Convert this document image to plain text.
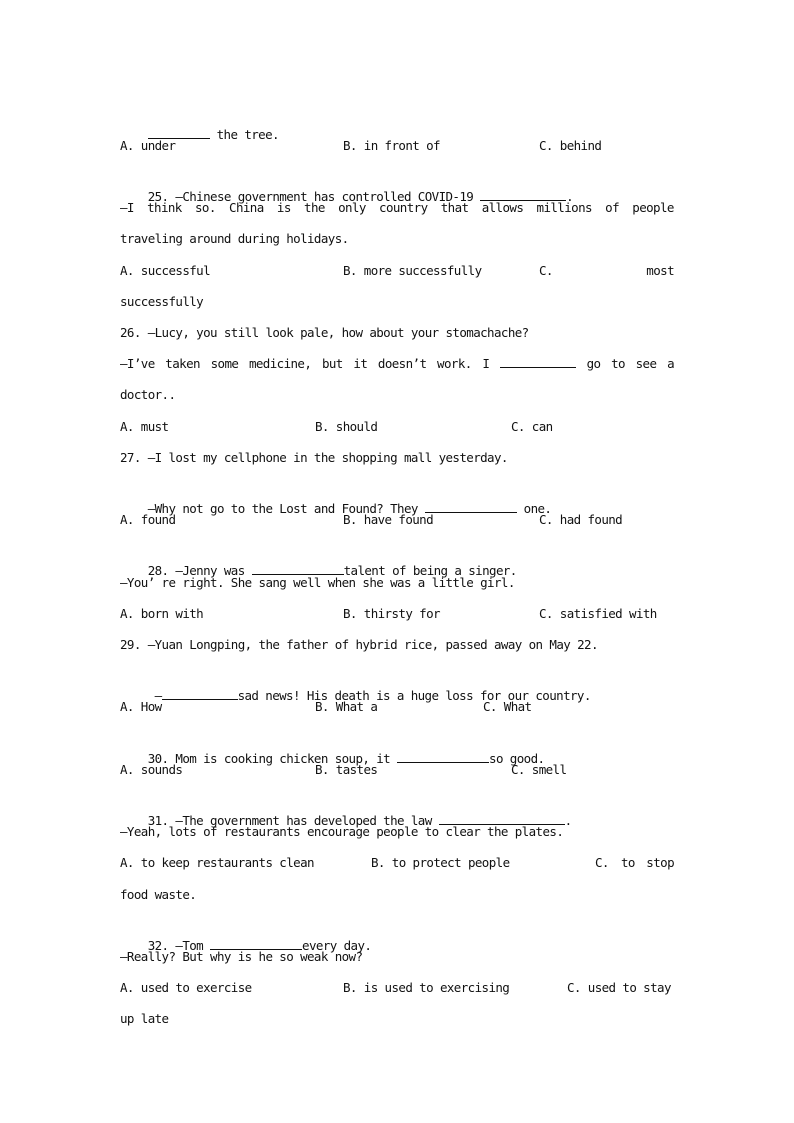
the tree.

A. under

	B. in front of

	C. behind

25. —Chinese government has controlled COVID-19	.

—I think so. China is the only country that allows millions of people
traveling around during holidays.

A. successful

	B. more successfully

	C.

	most

successfully
26. —Lucy, you still look pale, how about your stomachache?
—I’ve taken some medicine, but it doesn’t work. I	go to see a
doctor..

A. must

	B. should

	C. can

27. —I lost my cellphone in the shopping mall yesterday.

—Why not go to the Lost and Found? They	one.

A. found

	B. have found

	C. had found

28. —Jenny was	talent of being a singer.

—You’ re right. She sang well when she was a little girl.

A. born with

	B. thirsty for

	C. satisfied with

29. —Yuan Longping, the father of hybrid rice, passed away on May 22.

—	sad news! His death is a huge loss for our country.

A. How

	B. What a

	C. What

30. Mom is cooking chicken soup, it	so good.

A. sounds

	B. tastes

	C. smell

31. —The government has developed the law	.

—Yeah, lots of restaurants encourage people to clear the plates.

A. to keep restaurants clean

	B. to protect people

	C.

to

stop

food waste.

32. —Tom	every day.

—Really? But why is he so weak now?

A. used to exercise

	B. is used to exercising

	C. used to stay

up late
